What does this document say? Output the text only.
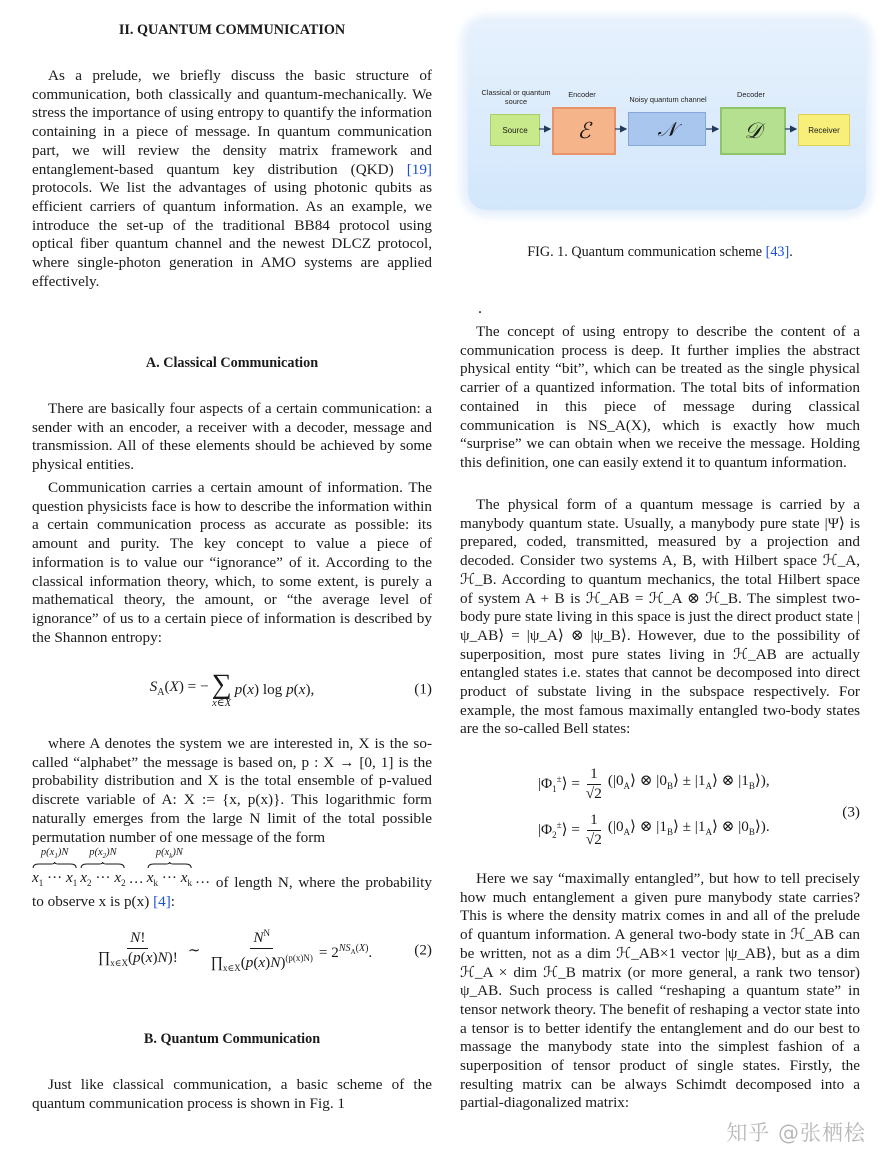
II. QUANTUM COMMUNICATION

As a prelude, we briefly discuss the basic structure of communication, both classically and quantum-mechanically. We stress the importance of using entropy to quantify the information containing in a piece of message. In quantum communication part, we will review the density matrix framework and entanglement-based quantum key distribution (QKD) [19] protocols. We list the advantages of using photonic qubits as efficient carriers of quantum information. As an example, we introduce the set-up of the traditional BB84 protocol using optical fiber quantum channel and the newest DLCZ protocol, where single-photon generation in AMO systems are applied effectively.

A. Classical Communication

There are basically four aspects of a certain communication: a sender with an encoder, a receiver with a decoder, message and transmission. All of these elements should be achieved by some physical entities.

Communication carries a certain amount of information. The question physicists face is how to describe the information within a certain communication process as accurate as possible: its amount and purity. The key concept to value a piece of information is to value our “ignorance” of it. According to the classical information theory, which, to some extent, is purely a mathematical theory, the amount, or “the average level of ignorance” of us to a certain piece of information is described by the Shannon entropy:

$S_A(X)$ = − ∑
x∈X
p(x) log p(x),	(1)

where A denotes the system we are interested in, X is the so-called “alphabet” the message is based on, p : X → [0, 1] is the probability distribution and X is the total ensemble of p-valued discrete variable of A: X := {x, p(x)}. This logarithmic form naturally emerges from the large N limit of the total possible permutation number of one message of the form

$p(x_1)N$
$x_1$ ··· $x_1$
$p(x_2)N$
$x_2$ ··· $x_2$ ···
$p(x_k)N$
$x_k$ ··· $x_k$ ··· of length N, where the probability to observe x is p(x) [4]:
$\frac{N!}{\prod_{x\in X}(p(x)N)!}$ ∼ $\frac{N^N}{\prod_{x\in X}(p(x)N)^{(p(x)N)}} = 2^{NS_A(X)}$.	(2)
B. Quantum Communication

Just like classical communication, a basic scheme of the quantum communication process is shown in Fig. 1

Classical or quantum source
Encoder
Noisy quantum channel
Decoder
Source ℰ	𝒩	𝒟	Receiver
FIG. 1. Quantum communication scheme [43].
.

The concept of using entropy to describe the content of a communication process is deep. It further implies the abstract physical entity “bit”, which can be treated as the single physical carrier of a quantized information. The total bits of information contained in this piece of message during classical communication is NS_A(X), which is exactly how much “surprise” we can obtain when we receive the message. Holding this definition, one can easily extend it to quantum information.

The physical form of a quantum message is carried by a manybody quantum state. Usually, a manybody pure state |Ψ⟩ is prepared, coded, transmitted, measured by a projection and decoded. Consider two systems A, B, with Hilbert space ℋ_A, ℋ_B. According to quantum mechanics, the total Hilbert space of system A + B is ℋ_AB = ℋ_A ⊗ ℋ_B. The simplest two-body pure state living in this space is just the direct product state |ψ_AB⟩ = |ψ_A⟩ ⊗ |ψ_B⟩. However, due to the possibility of superposition, most pure states living in ℋ_AB are actually entangled states i.e. states that cannot be decomposed into direct product of substate living in the subspace respectively. For example, the most famous maximally entangled two-body states are the so-called Bell states:

$|\Phi_1^\pm⟩ = \frac{1}{√2}$ ($|0_A⟩$ ⊗ $|0_B⟩$ ± $|1_A⟩$ ⊗ $|1_B⟩$),
$|\Phi_2^\pm⟩ = \frac{1}{√2}$ ($|0_A⟩$ ⊗ $|1_B⟩$ ± $|1_A⟩$ ⊗ $|0_B⟩$).
(3)

Here we say “maximally entangled”, but how to tell precisely how much entanglement a given pure manybody state carries? This is where the density matrix comes in and all of the prelude of quantum information. A general two-body state in ℋ_AB can be written, not as a dim ℋ_AB×1 vector |ψ_AB⟩, but as a dim ℋ_A × dim ℋ_B matrix (or more general, a rank two tensor) ψ_AB. Such process is called “reshaping a quantum state” in tensor network theory. The benefit of reshaping a vector state into a tensor is to better identify the entanglement and do our best to massage the manybody state into the simplest fashion of a superposition of tensor product of single states. Firstly, the resulting matrix can be always Schimdt decomposed into a partial-diagonalized matrix:

知乎 @张栖桧
